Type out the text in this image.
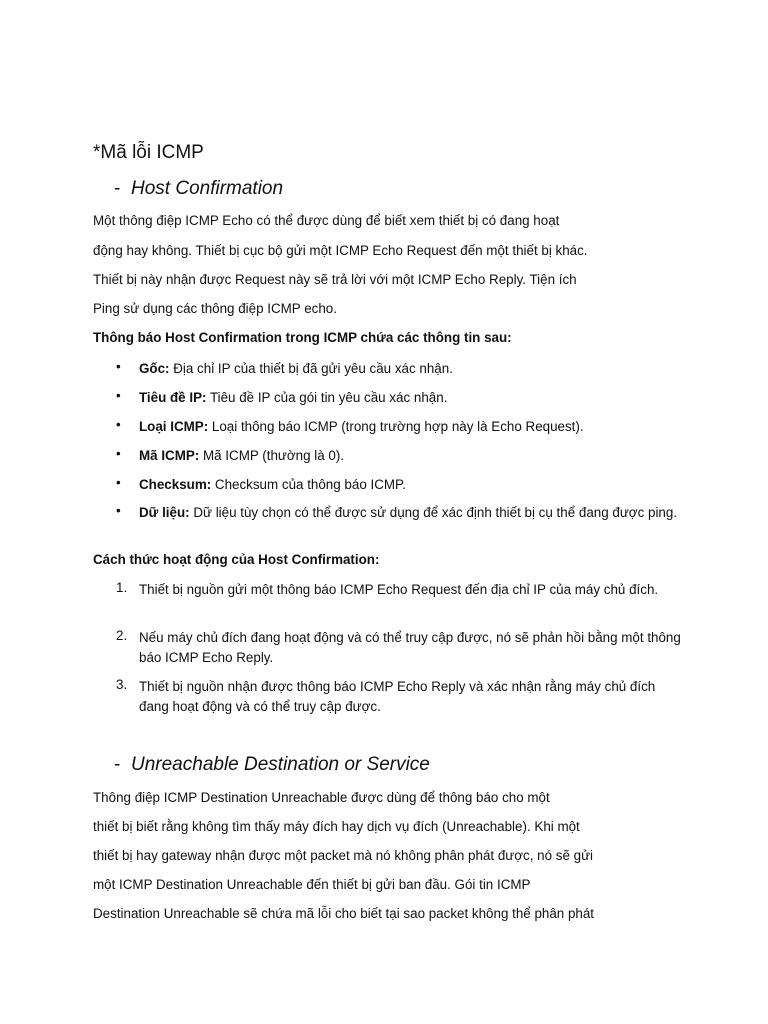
*Mã lỗi ICMP
- Host Confirmation
Một thông điệp ICMP Echo có thể được dùng để biết xem thiết bị có đang hoạt
động hay không. Thiết bị cục bộ gửi một ICMP Echo Request đến một thiết bị khác.
Thiết bị này nhận được Request này sẽ trả lời với một ICMP Echo Reply. Tiện ích
Ping sử dụng các thông điệp ICMP echo.
Thông báo Host Confirmation trong ICMP chứa các thông tin sau:
• Gốc: Địa chỉ IP của thiết bị đã gửi yêu cầu xác nhận.
• Tiêu đề IP: Tiêu đề IP của gói tin yêu cầu xác nhận.
• Loại ICMP: Loại thông báo ICMP (trong trường hợp này là Echo Request).
• Mã ICMP: Mã ICMP (thường là 0).
• Checksum: Checksum của thông báo ICMP.
• Dữ liệu: Dữ liệu tùy chọn có thể được sử dụng để xác định thiết bị cụ thể đang được ping.
Cách thức hoạt động của Host Confirmation:
1. Thiết bị nguồn gửi một thông báo ICMP Echo Request đến địa chỉ IP của máy chủ đích.
2. Nếu máy chủ đích đang hoạt động và có thể truy cập được, nó sẽ phản hồi bằng một thông báo ICMP Echo Reply.
3. Thiết bị nguồn nhận được thông báo ICMP Echo Reply và xác nhận rằng máy chủ đích đang hoạt động và có thể truy cập được.
- Unreachable Destination or Service
Thông điệp ICMP Destination Unreachable được dùng để thông báo cho một
thiết bị biết rằng không tìm thấy máy đích hay dịch vụ đích (Unreachable). Khi một
thiết bị hay gateway nhận được một packet mà nó không phân phát được, nó sẽ gửi
một ICMP Destination Unreachable đến thiết bị gửi ban đầu. Gói tin ICMP
Destination Unreachable sẽ chứa mã lỗi cho biết tại sao packet không thể phân phát
